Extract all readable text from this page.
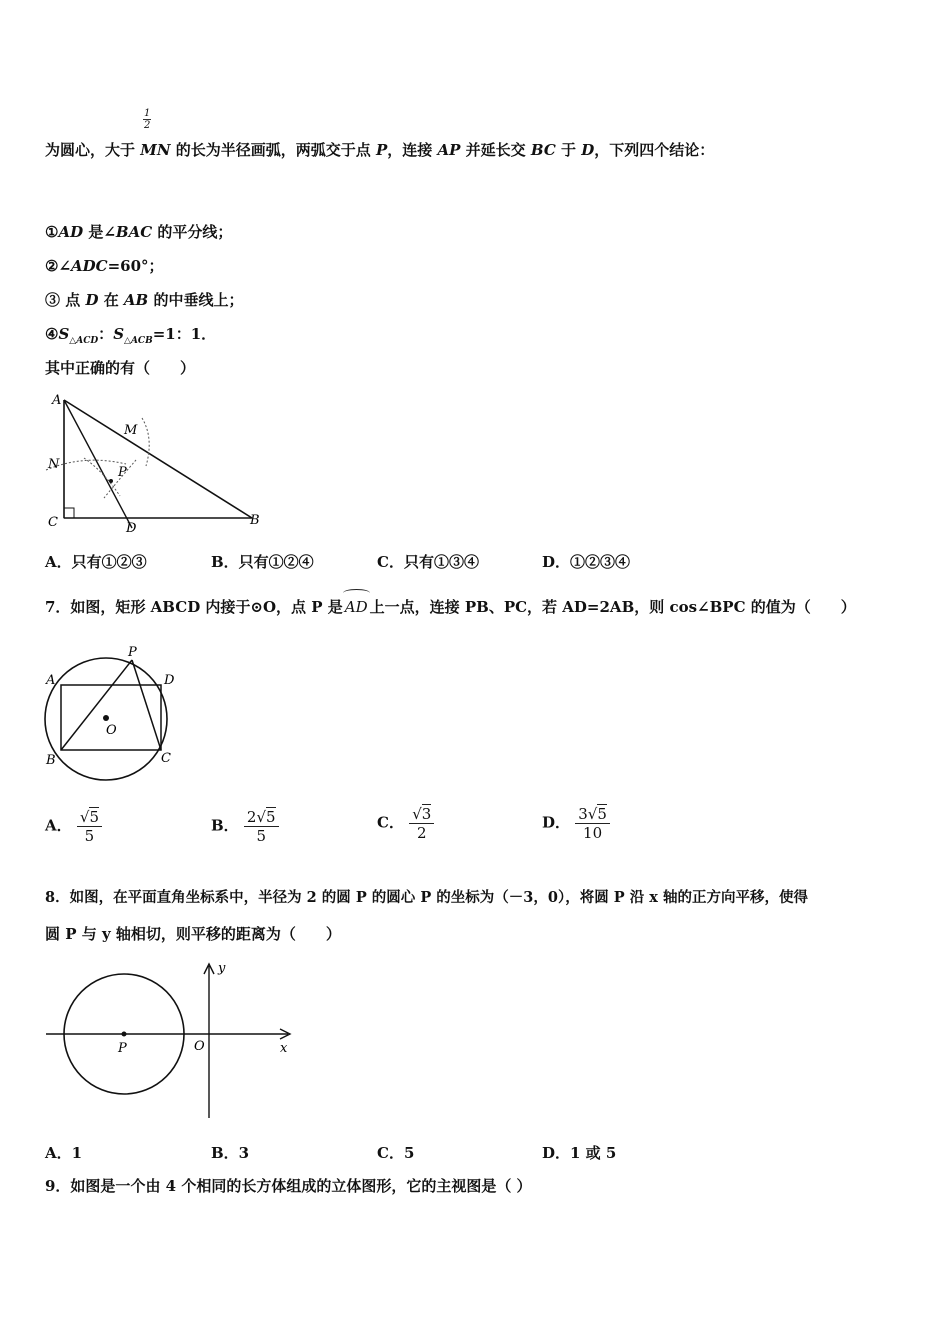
$\frac{1}{2}$
为圆心，大于 MN 的长为半径画弧，两弧交于点 P，连接 AP 并延长交 BC 于 D，下列四个结论：
①AD 是∠BAC 的平分线；
②∠ADC=60°；
③ 点 D 在 AB 的中垂线上；
$④S_{\triangle ACD}$：$S_{\triangle ACB}=1$：1．
其中正确的有（　　）
A
M
N
P
C	D
B
A．只有①②③	B．只有①②④	C．只有①③④	D．①②③④
7．如图，矩形 ABCD 内接于⊙O，点 P 是 AD 上一点，连接 PB、PC，若 AD=2AB，则 cos∠BPC 的值为（　　）
P
A	D
O
B	C
A． $\frac{√5}{5}$	B． $\frac{2√5}{5}$	C． $\frac{√3}{2}$	D． $\frac{3√5}{10}$
8．如图，在平面直角坐标系中，半径为 2 的圆 P 的圆心 P 的坐标为（－3，0），将圆 P 沿 x 轴的正方向平移，使得
圆 P 与 y 轴相切，则平移的距离为（　　）
y
x
O
P
A．1	B．3	C．5	D．1 或 5
9．如图是一个由 4 个相同的长方体组成的立体图形，它的主视图是（ ）
